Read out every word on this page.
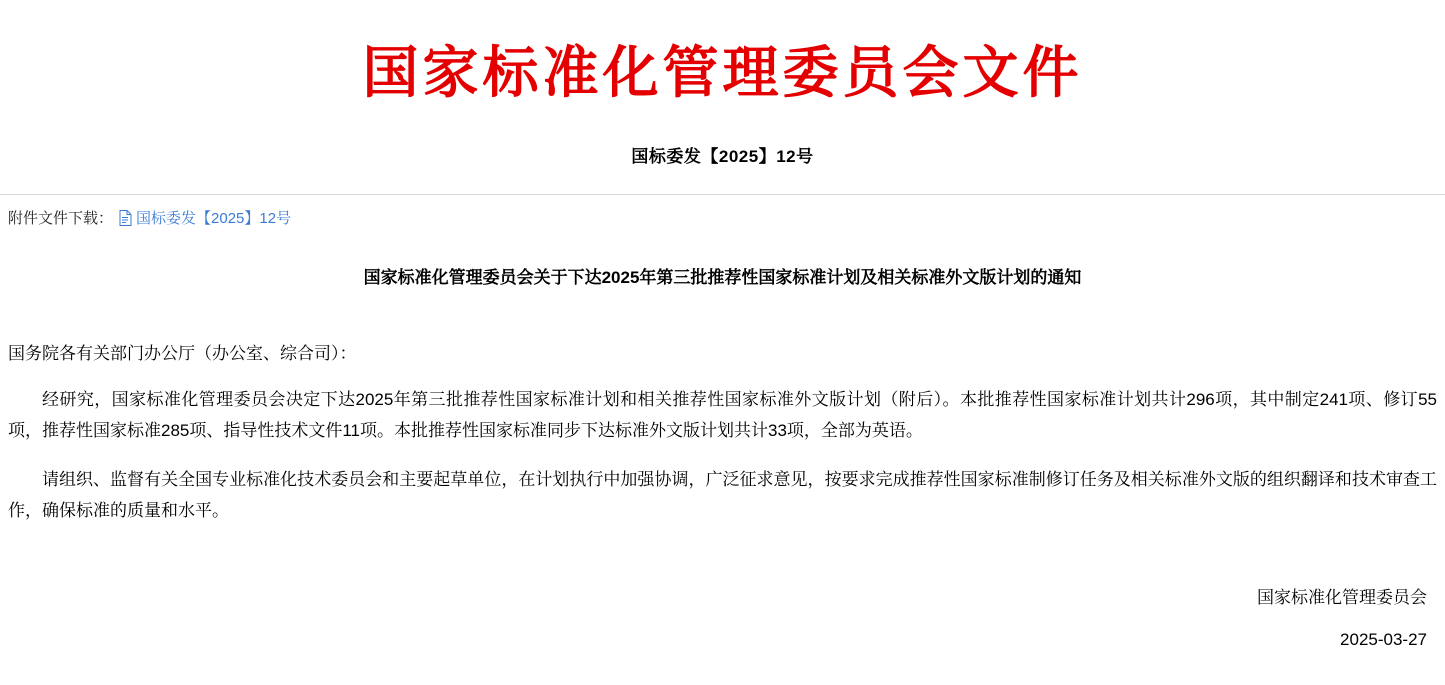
国家标准化管理委员会文件
国标委发【2025】12号
附件文件下载： 国标委发【2025】12号
国家标准化管理委员会关于下达2025年第三批推荐性国家标准计划及相关标准外文版计划的通知
国务院各有关部门办公厅（办公室、综合司）：
经研究，国家标准化管理委员会决定下达2025年第三批推荐性国家标准计划和相关推荐性国家标准外文版计划（附后）。本批推荐性国家标准计划共计296项，其中制定241项、修订55项，推荐性国家标准285项、指导性技术文件11项。本批推荐性国家标准同步下达标准外文版计划共计33项，全部为英语。
请组织、监督有关全国专业标准化技术委员会和主要起草单位，在计划执行中加强协调，广泛征求意见，按要求完成推荐性国家标准制修订任务及相关标准外文版的组织翻译和技术审查工作，确保标准的质量和水平。
国家标准化管理委员会
2025-03-27
